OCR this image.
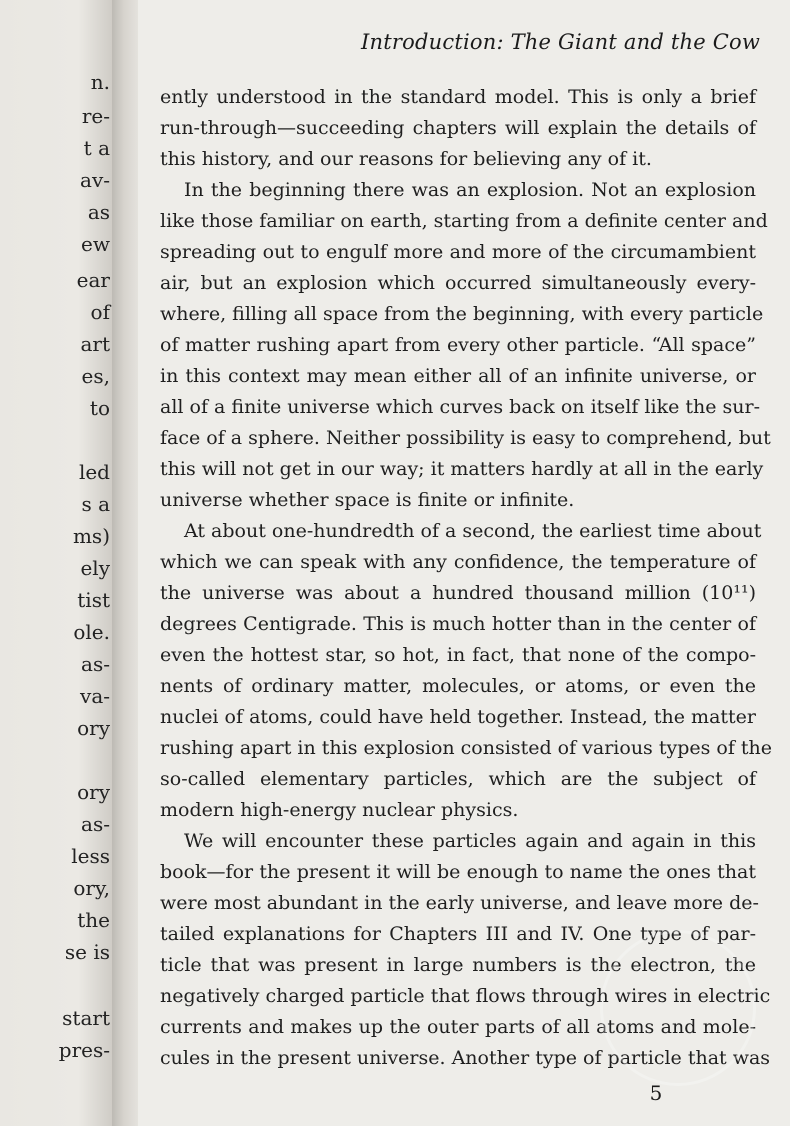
n.
re-
t a
av-
as
ew
ear
of
art
es,
to
led
s a
ms)
ely
tist
ole.
as-
va-
ory
ory
as-
less
ory,
the
se is
start
pres-
Introduction: The Giant and the Cow
ently understood in the standard model. This is only a brief
run-through—succeeding chapters will explain the details of
this history, and our reasons for believing any of it.
In the beginning there was an explosion. Not an explosion
like those familiar on earth, starting from a definite center and
spreading out to engulf more and more of the circumambient
air, but an explosion which occurred simultaneously every-
where, filling all space from the beginning, with every particle
of matter rushing apart from every other particle. “All space”
in this context may mean either all of an infinite universe, or
all of a finite universe which curves back on itself like the sur-
face of a sphere. Neither possibility is easy to comprehend, but
this will not get in our way; it matters hardly at all in the early
universe whether space is finite or infinite.
At about one-hundredth of a second, the earliest time about
which we can speak with any confidence, the temperature of
the universe was about a hundred thousand million (10¹¹)
degrees Centigrade. This is much hotter than in the center of
even the hottest star, so hot, in fact, that none of the compo-
nents of ordinary matter, molecules, or atoms, or even the
nuclei of atoms, could have held together. Instead, the matter
rushing apart in this explosion consisted of various types of the
so-called elementary particles, which are the subject of
modern high-energy nuclear physics.
We will encounter these particles again and again in this
book—for the present it will be enough to name the ones that
were most abundant in the early universe, and leave more de-
tailed explanations for Chapters III and IV. One type of par-
ticle that was present in large numbers is the electron, the
negatively charged particle that flows through wires in electric
currents and makes up the outer parts of all atoms and mole-
cules in the present universe. Another type of particle that was
5
